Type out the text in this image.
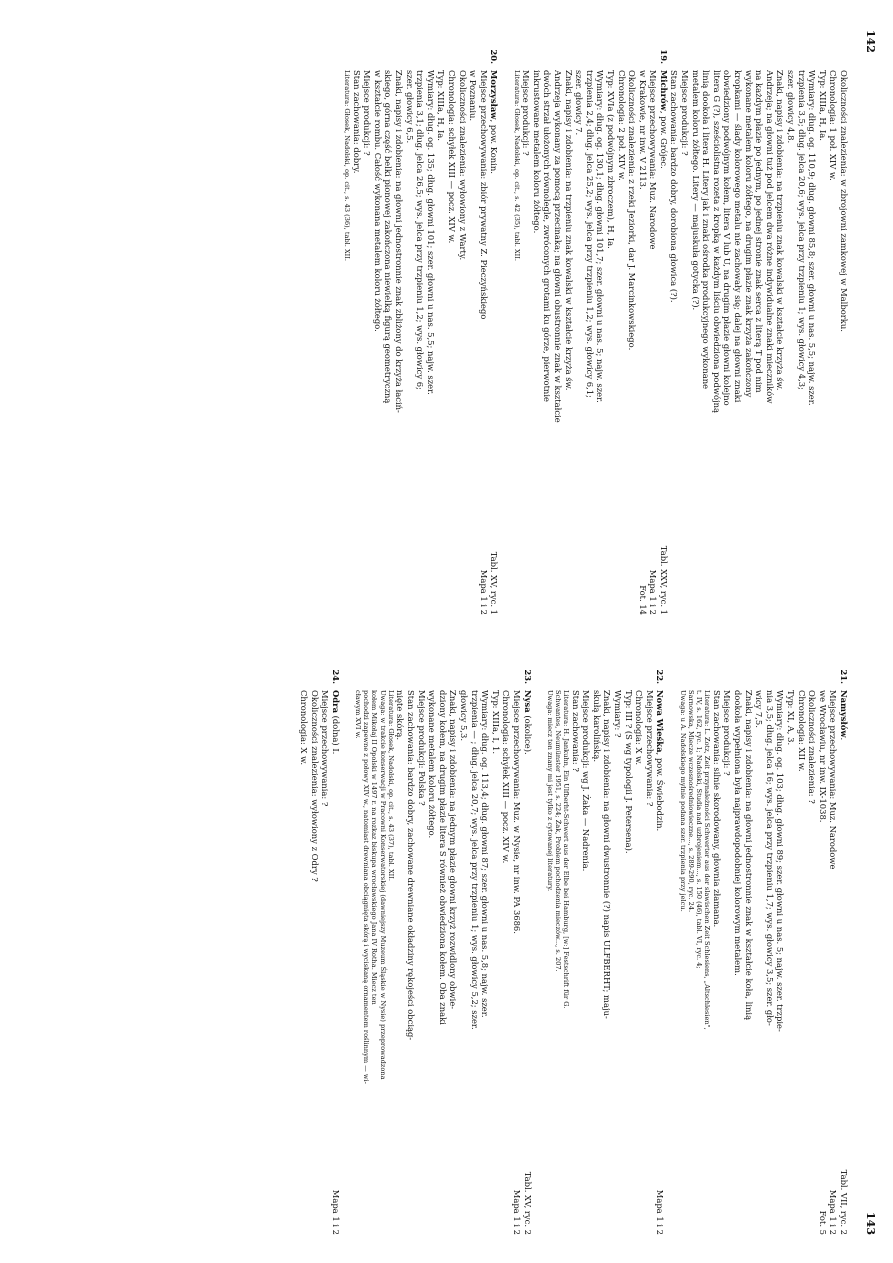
142
Okoliczności znalezienia: w zbrojowni zamkowej w Malborku.
Chronologia: 1 poł. XIV w.
Typ: XIIIa, H, Ia.
Wymiary: dług. og. 110,9; dług. głowni 85,8; szer. głowni u nas. 5,5; najw. szer.
trzpienia 3,5; dług. jelca 20,6; wys. jelca przy trzpieniu 1; wys. głowicy 4,3;
szer. głowicy 4,8.
Znaki, napisy i zdobienia: na trzpieniu znak kowalski w kształcie krzyża św.
Andrzeja; na głowni tuż pod jelcem dwa różne indywidualne znaki mieczników
na każdym płazie po jednym, po jednej stronie znak serca z literą T pod nim
wykonane metalem koloru żółtego, na drugim płazie znak krzyża zakończony
kropkami — ślady kolorowego metalu nie zachowały się; dalej na głowni znaki
obwiedziony podwójnym kołem, litera V lub U, na drugim płazie głowni kolejno
litera G (?), sześciolistna rozeta z kropką w każdym liściu obwiedziona podwójną
linią dookoła i litera H. Litery jak i znaki ośrodka produkcyjnego wykonane
metalem koloru żółtego. Litery — majuskuła gotycka (?).
Miejsce produkcji: ?
Stan zachowania: bardzo dobry, dorobiona głowica (?).
19.
Michrów, pow. Grójec.
Miejsce przechowywania: Muz. Narodowe
w Krakowie, nr inw. V 2113.
Tabl. XXV, ryc. 1
Mapa 1 i 2
Fot. 14
Okoliczności znalezienia: z rzeki Jeziorki, dar J. Marcinkowskiego.
Chronologia: 2 poł. XIV w.
Typ: XVIa (z podwójnym zbroczem), H, Ia.
Wymiary: dług. og. 130,1; dług. głowni 101,7; szer. głowni u nas. 5; najw. szer.
trzpienia 2,4; dług. jelca 25,2; wys. jelca przy trzpieniu 1,2; wys. głowicy 6,1;
szer. głowicy 7.
Znaki, napisy i zdobienia: na trzpieniu znak kowalski w kształcie krzyża św.
Andrzeja wykonany za pomocą przecinaka; na głowni obustronnie znak w kształcie
dwóch strzał ułożonych równolegle, zwróconych grotami ku górze, pierwotnie
inkrustowane metalem koloru żółtego.
Miejsce produkcji: ?
Literatura: Głosek, Nadolski, op. cit., s. 42 (35), tabl. XII.
20.
Morzysław, pow. Konin.
Miejsce przechowywania: zbiór prywatny Z. Pieczyńskiego
w Poznaniu.
Tabl. XV, ryc. 1
Mapa 1 i 2
Okoliczności znalezienia: wyłowiony z Warty.
Chronologia: schyłek XIII — pocz. XIV w.
Typ: XIIIa, H, Ia.
Wymiary: dług. og. 135; dług. głowni 101; szer. głowni u nas. 5,5; najw. szer.
trzpienia 3,1; dług. jelca 26,5; wys. jelca przy trzpieniu 1,2; wys. głowicy 6;
szer. głowicy 6,5.
Znaki, napisy i zdobienia: na głowni jednostronnie znak zbliżony do krzyża łaciń-
skiego, górna część belki pionowej zakończona niewielką figurą geometryczną
w kształcie rombu. Całość wykonana metalem koloru żółtego.
Miejsce produkcji: ?
Stan zachowania: dobry.
Literatura: Głosek, Nadolski, op. cit., s. 43 (36), tabl. XII.
143
21.
Namysłów.
Miejsce przechowywania: Muz. Narodowe
we Wrocławiu, nr inw. IX-1038.
Tabl. VII, ryc. 2
Mapa 1 i 2
Fot. 5
Okoliczności znalezienia: ?
Chronologia: XII w.
Typ: XI, A, 3.
Wymiary: dług. og. 103; dług. głowni 89; szer. głowni u nas. 5; najw. szer. trzpie-
nia 3,5; dług. jelca 16; wys. jelca przy trzpieniu 1,7; wys. głowicy 3,5; szer. gło-
wicy 7,5.
Znaki, napisy i zdobienia: na głowni jednostronnie znak w kształcie koła, linią
dookoła wypełniona była najprawdopodobniej kolorowym metalem.
Miejsce produkcji: ?
Stan zachowania: silnie skorodowany, głownia złamana.
Literatura: L. Zotz, Zeit przynależności Schwerter aus der slawischen Zeit Schlesiens, „Altschlesien",
t. IV, s. 162, ryc. 1; Nadolski, Studia nad uzbrojeniem..., s. 150 (46), tabl. VI, ryc. 4;
Sarnowska, Miecze wczesnośredniowieczne..., s. 289-290, ryc. 24.
Uwaga: u A. Nadolskiego mylnie podana szer. trzpienia przy jelcu.
22.
Nowa Wieśka, pow. Świebodzin.
Miejsce przechowywania: ?
Chronologia: X w.
Mapa 1 i 2
Typ: III ? (S wg typologii J. Petersena).
Wymiary: ?
Znaki, napisy i zdobienia: na głowni dwustronnie (?) napis ULFBERHT; maju-
skułą karolińską.
Miejsce produkcji: wg J. Żaka — Nadrenia.
Stan zachowania: ?
Literatura: H. Jankuhn, Ein Ulfberht-Schwert aus der Elbe bei Hamburg, [w:] Festschrift für G.
Schwantes, Neumünster 1951, s. 224; Żak, Problem pochodzenia mieczów..., s. 207.
Uwaga: miecz ten znany mi jest tylko z cytowanej literatury.
23.
Nysa (okolice).
Miejsce przechowywania: Muz. w Nysie, nr inw. PA 3686.
Chronologia: schyłek XIII — pocz. XIV w.
Tabl. XV, ryc. 2
Mapa 1 i 2
Typ: XIIIa, I, 1.
Wymiary: dług. og. 113,4; dług. głowni 87; szer. głowni u nas. 5,8; najw. szer.
trzpienia — ; dług. jelca 20,7; wys. jelca przy trzpieniu 1; wys. głowicy 5,2; szer.
głowicy 5,3.
Znaki, napisy i zdobienia: na jednym płazie głowni krzyż rozwidlony obwie-
dziony kołem, na drugim płazie litera S również obwiedziona kołem. Oba znaki
wykonane metalem koloru żółtego.
Miejsce produkcji: Polska ?
Stan zachowania: bardzo dobry, zachowane drewniane okładziny rękojeści obciąg-
nięte skórą.
Literatura: Głosek, Nadolski, op. cit., s. 43 (37), tabl. XII.
Uwaga: w trakcie konserwacji w Pracowni Konserwatorskiej (dawniejszy Muzeum Śląskie w Nysie) przeprowadzona
kołem Mikołaj II Opolski w 1497 r. na rozkaz biskupa wrocławskiego Jana IV Rotha. Miecz ten
pochodzi zapewne z połowy XIV w., natomiast drewniana obciągnięta skórą i wyciskaną ornamentem roślinnym — wi-
cławym XVI w.
24.
Odra (dolna) I.
Miejsce przechowywania: ?
Okoliczności znalezienia: wyłowiony z Odry ?
Mapa 1 i 2
Chronologia: X w.
